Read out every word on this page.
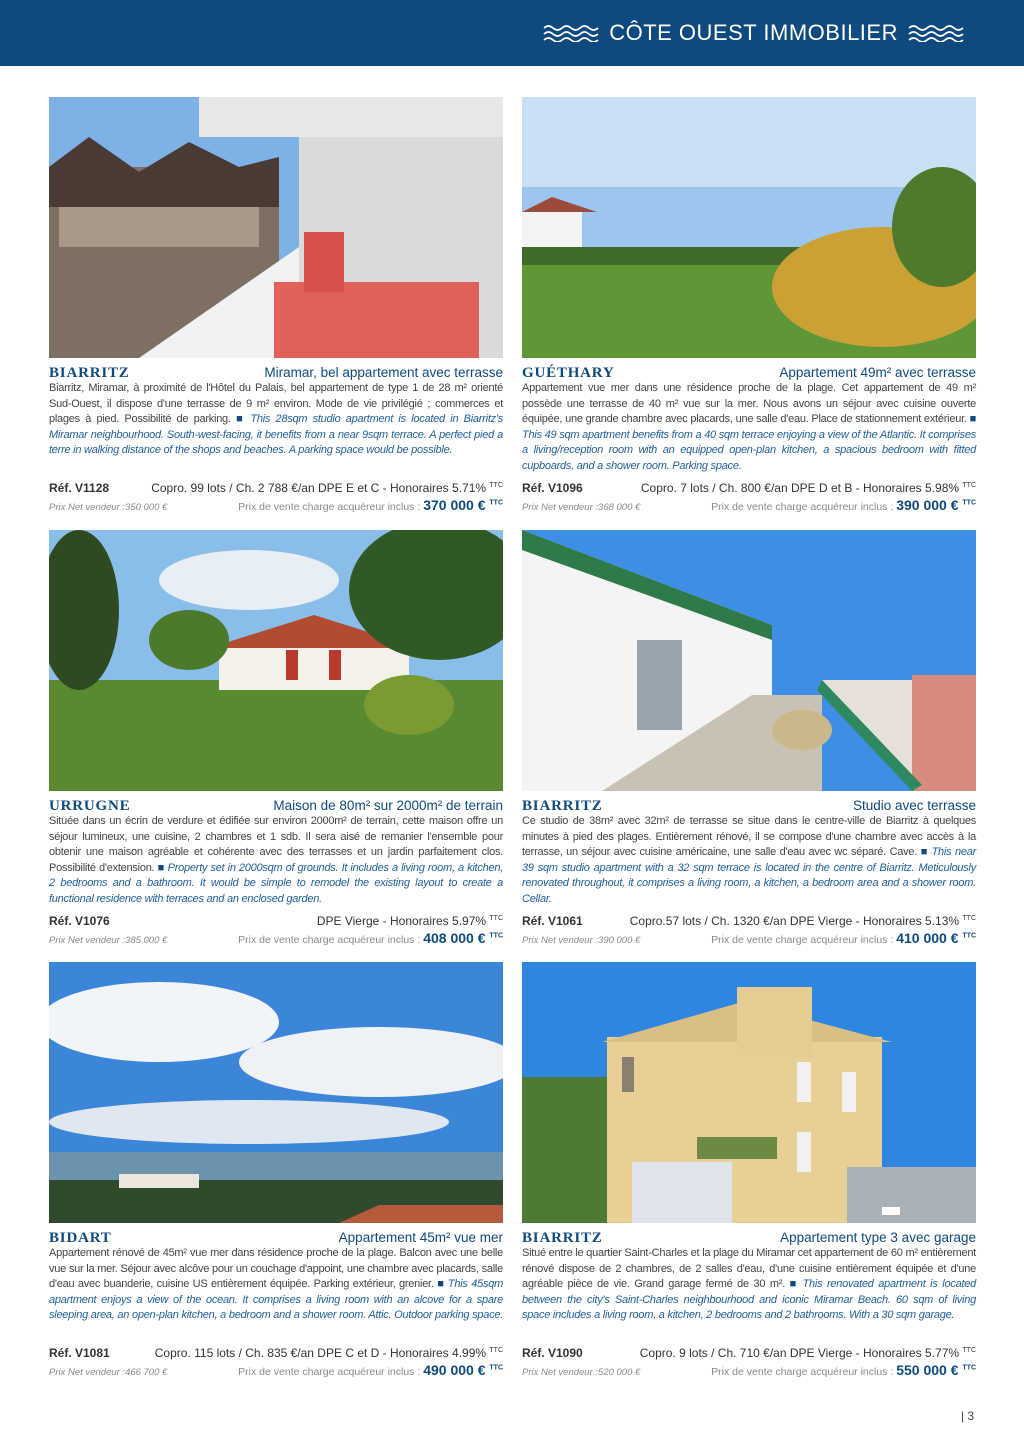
CÔTE OUEST IMMOBILIER
BIARRITZ	Miramar, bel appartement avec terrasse

Biarritz, Miramar, à proximité de l'Hôtel du Palais, bel appartement de type 1 de 28 m² orienté Sud-Ouest, il dispose d'une terrasse de 9 m² environ. Mode de vie privilégié ; commerces et plages à pied. Possibilité de parking. ■ This 28sqm studio apartment is located in Biarritz's Miramar neighbourhood. South-west-facing, it benefits from a near 9sqm terrace. A perfect pied a terre in walking distance of the shops and beaches. A parking space would be possible.

Réf. V1128	Copro. 99 lots / Ch. 2 788 €/an DPE E et C - Honoraires 5.71% $^{TTC}$
Prix Net vendeur :350 000 €	Prix de vente charge acquéreur inclus : 370 000 € $^{TTC}$
GUÉTHARY	Appartement 49m² avec terrasse

Appartement vue mer dans une résidence proche de la plage. Cet appartement de 49 m² possède une terrasse de 40 m² vue sur la mer. Nous avons un séjour avec cuisine ouverte équipée, une grande chambre avec placards, une salle d'eau. Place de stationnement extérieur. ■ This 49 sqm apartment benefits from a 40 sqm terrace enjoying a view of the Atlantic. It comprises a living/reception room with an equipped open-plan kitchen, a spacious bedroom with fitted cupboards, and a shower room. Parking space.

Réf. V1096	Copro. 7 lots / Ch. 800 €/an DPE D et B - Honoraires 5.98% $^{TTC}$
Prix Net vendeur :368 000 €	Prix de vente charge acquéreur inclus : 390 000 € $^{TTC}$
URRUGNE	Maison de 80m² sur 2000m² de terrain

Située dans un écrin de verdure et édifiée sur environ 2000m² de terrain, cette maison offre un séjour lumineux, une cuisine, 2 chambres et 1 sdb. Il sera aisé de remanier l'ensemble pour obtenir une maison agréable et cohérente avec des terrasses et un jardin parfaitement clos. Possibilité d'extension. ■ Property set in 2000sqm of grounds. It includes a living room, a kitchen, 2 bedrooms and a bathroom. It would be simple to remodel the existing layout to create a functional residence with terraces and an enclosed garden.

Réf. V1076	DPE Vierge - Honoraires 5.97% $^{TTC}$
Prix Net vendeur :385 000 €	Prix de vente charge acquéreur inclus : 408 000 € $^{TTC}$
BIARRITZ	Studio avec terrasse

Ce studio de 38m² avec 32m² de terrasse se situe dans le centre-ville de Biarritz à quelques minutes à pied des plages. Entièrement rénové, il se compose d'une chambre avec accès à la terrasse, un séjour avec cuisine américaine, une salle d'eau avec wc séparé. Cave. ■ This near 39 sqm studio apartment with a 32 sqm terrace is located in the centre of Biarritz. Meticulously renovated throughout, it comprises a living room, a kitchen, a bedroom area and a shower room. Cellar.

Réf. V1061	Copro.57 lots / Ch. 1320 €/an DPE Vierge - Honoraires 5.13% $^{TTC}$
Prix Net vendeur :390 000 €	Prix de vente charge acquéreur inclus : 410 000 € $^{TTC}$
BIDART	Appartement 45m² vue mer

Appartement rénové de 45m² vue mer dans résidence proche de la plage. Balcon avec une belle vue sur la mer. Séjour avec alcôve pour un couchage d'appoint, une chambre avec placards, salle d'eau avec buanderie, cuisine US entièrement équipée. Parking extérieur, grenier. ■ This 45sqm apartment enjoys a view of the ocean. It comprises a living room with an alcove for a spare sleeping area, an open-plan kitchen, a bedroom and a shower room. Attic. Outdoor parking space.

Réf. V1081	Copro. 115 lots / Ch. 835 €/an DPE C et D - Honoraires 4.99% $^{TTC}$
Prix Net vendeur :466 700 €	Prix de vente charge acquéreur inclus : 490 000 € $^{TTC}$
BIARRITZ	Appartement type 3 avec garage

Situé entre le quartier Saint-Charles et la plage du Miramar cet appartement de 60 m² entièrement rénové dispose de 2 chambres, de 2 salles d'eau, d'une cuisine entièrement équipée et d'une agréable pièce de vie. Grand garage fermé de 30 m². ■ This renovated apartment is located between the city's Saint-Charles neighbourhood and iconic Miramar Beach. 60 sqm of living space includes a living room, a kitchen, 2 bedrooms and 2 bathrooms. With a 30 sqm garage.

Réf. V1090	Copro. 9 lots / Ch. 710 €/an DPE Vierge - Honoraires 5.77% $^{TTC}$
Prix Net vendeur :520 000 €	Prix de vente charge acquéreur inclus : 550 000 € $^{TTC}$
| 3
